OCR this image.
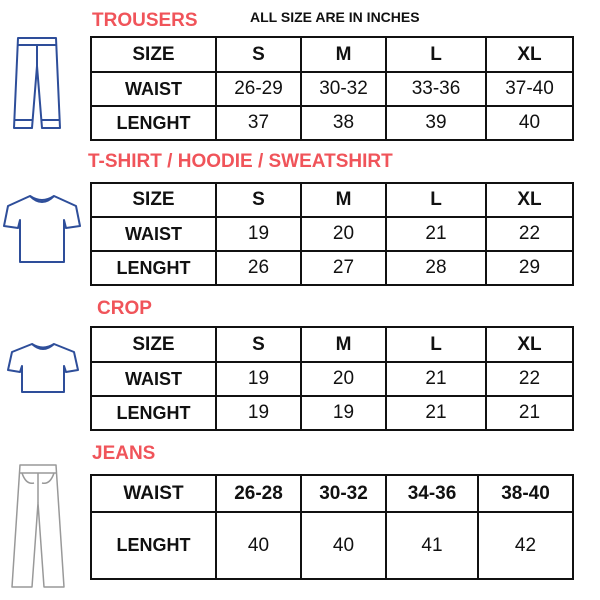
TROUSERS	ALL SIZE ARE IN INCHES
SIZE	S	M	L	XL
WAIST	26-29	30-32	33-36	37-40
LENGHT	37	38	39	40
T-SHIRT / HOODIE / SWEATSHIRT
SIZE	S	M	L	XL
WAIST	19	20	21	22
LENGHT	26	27	28	29
CROP
SIZE	S	M	L	XL
WAIST	19	20	21	22
LENGHT	19	19	21	21
JEANS
WAIST	26-28	30-32	34-36	38-40
LENGHT	40	40	41	42
